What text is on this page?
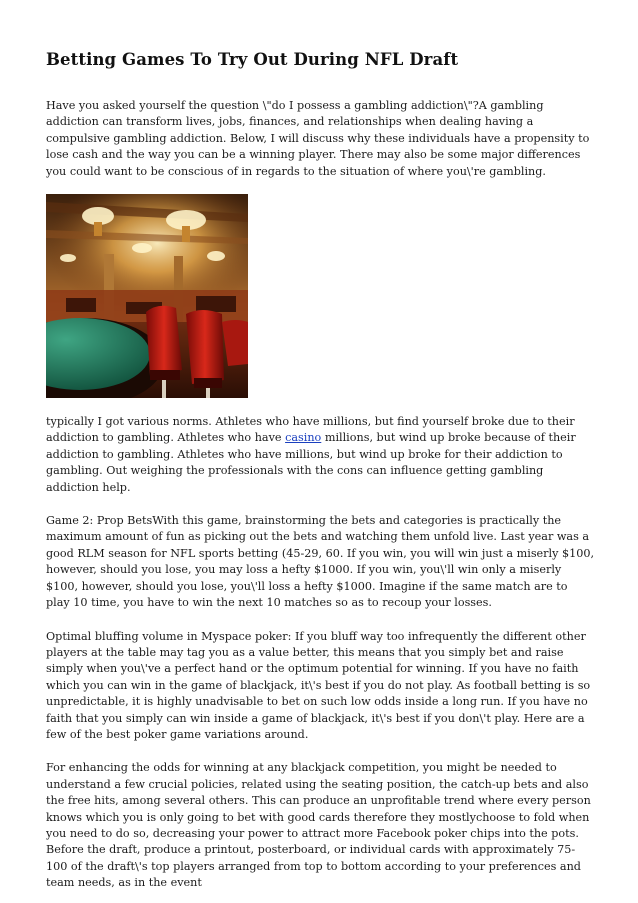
Betting Games To Try Out During NFL Draft

Have you asked yourself the question \"do I possess a gambling addiction\"?A gambling addiction can transform lives, jobs, finances, and relationships when dealing having a compulsive gambling addiction. Below, I will discuss why these individuals have a propensity to lose cash and the way you can be a winning player. There may also be some major differences you could want to be conscious of in regards to the situation of where you\'re gambling.

typically I got various norms. Athletes who have millions, but find yourself broke due to their addiction to gambling. Athletes who have casino millions, but wind up broke because of their addiction to gambling. Athletes who have millions, but wind up broke for their addiction to gambling. Out weighing the professionals with the cons can influence getting gambling addiction help.

Game 2: Prop BetsWith this game, brainstorming the bets and categories is practically the maximum amount of fun as picking out the bets and watching them unfold live. Last year was a good RLM season for NFL sports betting (45-29, 60. If you win, you will win just a miserly $100, however, should you lose, you may loss a hefty $1000. If you win, you\'ll win only a miserly $100, however, should you lose, you\'ll loss a hefty $1000. Imagine if the same match are to play 10 time, you have to win the next 10 matches so as to recoup your losses.

Optimal bluffing volume in Myspace poker: If you bluff way too infrequently the different other players at the table may tag you as a value better, this means that you simply bet and raise simply when you\'ve a perfect hand or the optimum potential for winning. If you have no faith which you can win in the game of blackjack, it\'s best if you do not play. As football betting is so unpredictable, it is highly unadvisable to bet on such low odds inside a long run. If you have no faith that you simply can win inside a game of blackjack, it\'s best if you don\'t play. Here are a few of the best poker game variations around.

For enhancing the odds for winning at any blackjack competition, you might be needed to understand a few crucial policies, related using the seating position, the catch-up bets and also the free hits, among several others. This can produce an unprofitable trend where every person knows which you is only going to bet with good cards therefore they mostlychoose to fold when you need to do so, decreasing your power to attract more Facebook poker chips into the pots. Before the draft, produce a printout, posterboard, or individual cards with approximately 75-100 of the draft\'s top players arranged from top to bottom according to your preferences and team needs, as in the event
